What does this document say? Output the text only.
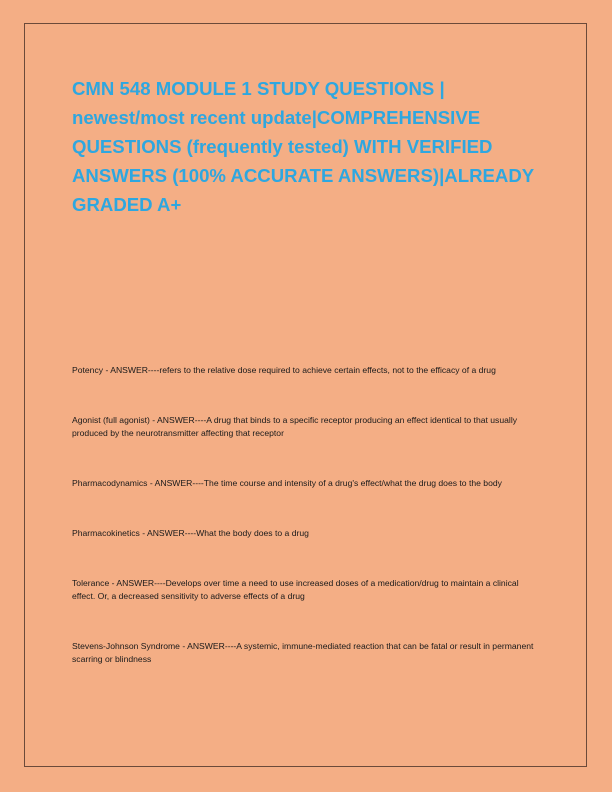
CMN 548 MODULE 1 STUDY QUESTIONS | newest/most recent update|COMPREHENSIVE QUESTIONS (frequently tested) WITH VERIFIED ANSWERS (100% ACCURATE ANSWERS)|ALREADY GRADED A+
Potency - ANSWER----refers to the relative dose required to achieve certain effects, not to the efficacy of a drug
Agonist (full agonist) - ANSWER----A drug that binds to a specific receptor producing an effect identical to that usually produced by the neurotransmitter affecting that receptor
Pharmacodynamics - ANSWER----The time course and intensity of a drug's effect/what the drug does to the body
Pharmacokinetics - ANSWER----What the body does to a drug
Tolerance - ANSWER----Develops over time a need to use increased doses of a medication/drug to maintain a clinical effect. Or, a decreased sensitivity to adverse effects of a drug
Stevens-Johnson Syndrome - ANSWER----A systemic, immune-mediated reaction that can be fatal or result in permanent scarring or blindness
